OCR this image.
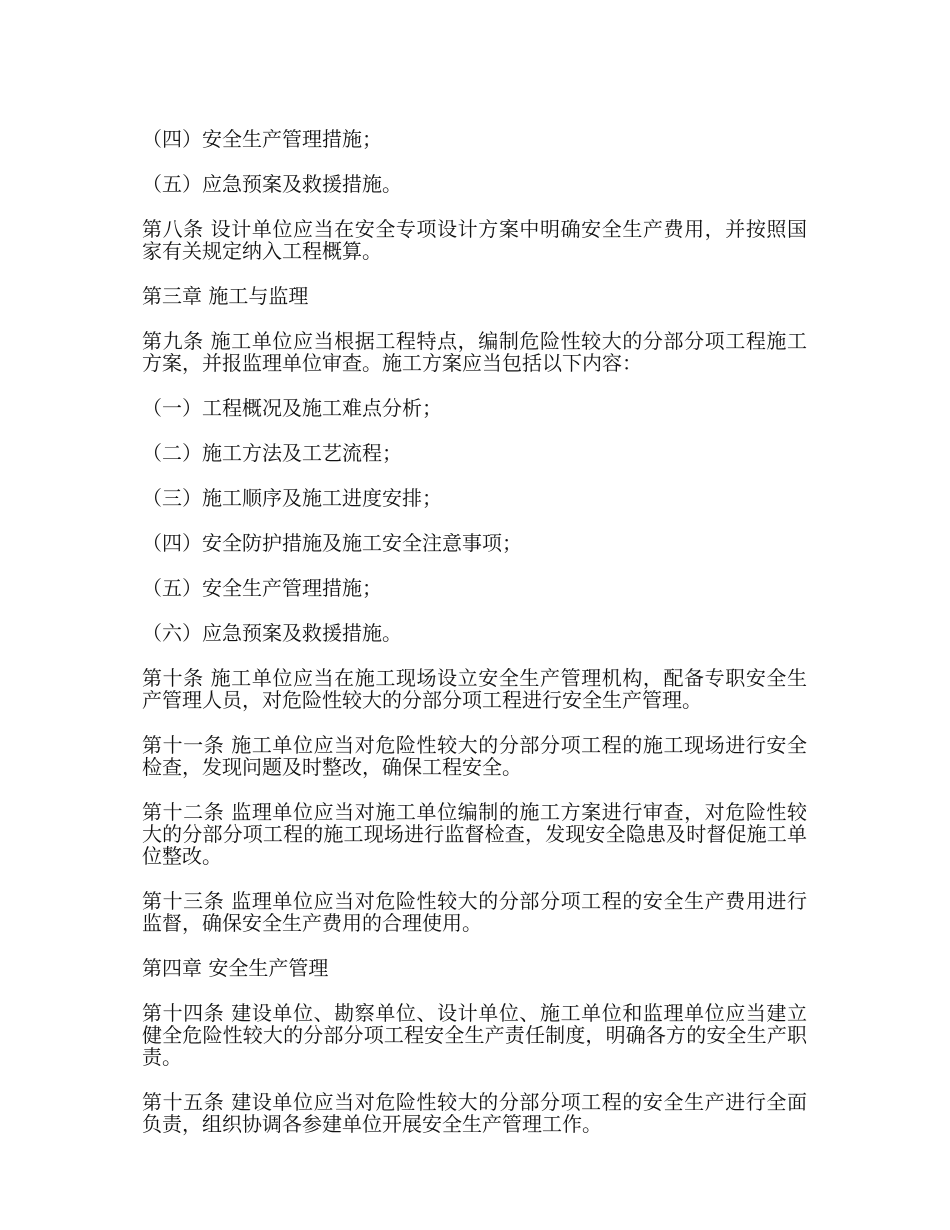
（四）安全生产管理措施；

（五）应急预案及救援措施。

第八条 设计单位应当在安全专项设计方案中明确安全生产费用，并按照国家有关规定纳入工程概算。

第三章 施工与监理

第九条 施工单位应当根据工程特点，编制危险性较大的分部分项工程施工方案，并报监理单位审查。施工方案应当包括以下内容：

（一）工程概况及施工难点分析；

（二）施工方法及工艺流程；

（三）施工顺序及施工进度安排；

（四）安全防护措施及施工安全注意事项；

（五）安全生产管理措施；

（六）应急预案及救援措施。

第十条 施工单位应当在施工现场设立安全生产管理机构，配备专职安全生产管理人员，对危险性较大的分部分项工程进行安全生产管理。

第十一条 施工单位应当对危险性较大的分部分项工程的施工现场进行安全检查，发现问题及时整改，确保工程安全。

第十二条 监理单位应当对施工单位编制的施工方案进行审查，对危险性较大的分部分项工程的施工现场进行监督检查，发现安全隐患及时督促施工单位整改。

第十三条 监理单位应当对危险性较大的分部分项工程的安全生产费用进行监督，确保安全生产费用的合理使用。

第四章 安全生产管理

第十四条 建设单位、勘察单位、设计单位、施工单位和监理单位应当建立健全危险性较大的分部分项工程安全生产责任制度，明确各方的安全生产职责。

第十五条 建设单位应当对危险性较大的分部分项工程的安全生产进行全面负责，组织协调各参建单位开展安全生产管理工作。
